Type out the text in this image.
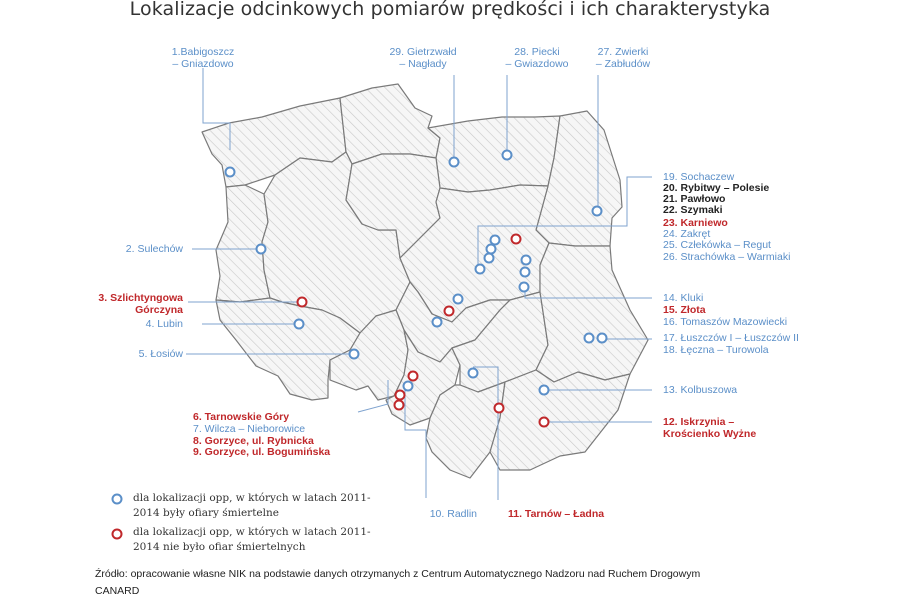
Lokalizacje odcinkowych pomiarów prędkości i ich charakterystyka
1.Babigoszcz – Gniazdowo
29. Gietrzwałd – Nagłady
28. Piecki – Gwiazdowo
27. Zwierki – Zabłudów
2. Sulechów
3. Szlichtyngowa Górczyna
4. Lubin
5. Łosiów
19. Sochaczew
20. Rybitwy – Polesie
21. Pawłowo
22. Szymaki
23. Karniewo
24. Zakręt
25. Człekówka – Regut
26. Strachówka – Warmiaki
14. Kluki
15. Złota
16. Tomaszów Mazowiecki
17. Łuszczów I – Łuszczów II
18. Łęczna – Turowola
13. Kolbuszowa
12. Iskrzynia – Krościenko Wyżne
6. Tarnowskie Góry
7. Wilcza – Nieborowice
8. Gorzyce, ul. Rybnicka
9. Gorzyce, ul. Bogumińska
10. Radlin	11. Tarnów – Ładna
dla lokalizacji opp, w których w latach 2011-2014 były ofiary śmiertelne
dla lokalizacji opp, w których w latach 2011-2014 nie było ofiar śmiertelnych
Źródło: opracowanie własne NIK na podstawie danych otrzymanych z Centrum Automatycznego Nadzoru nad Ruchem Drogowym CANARD
